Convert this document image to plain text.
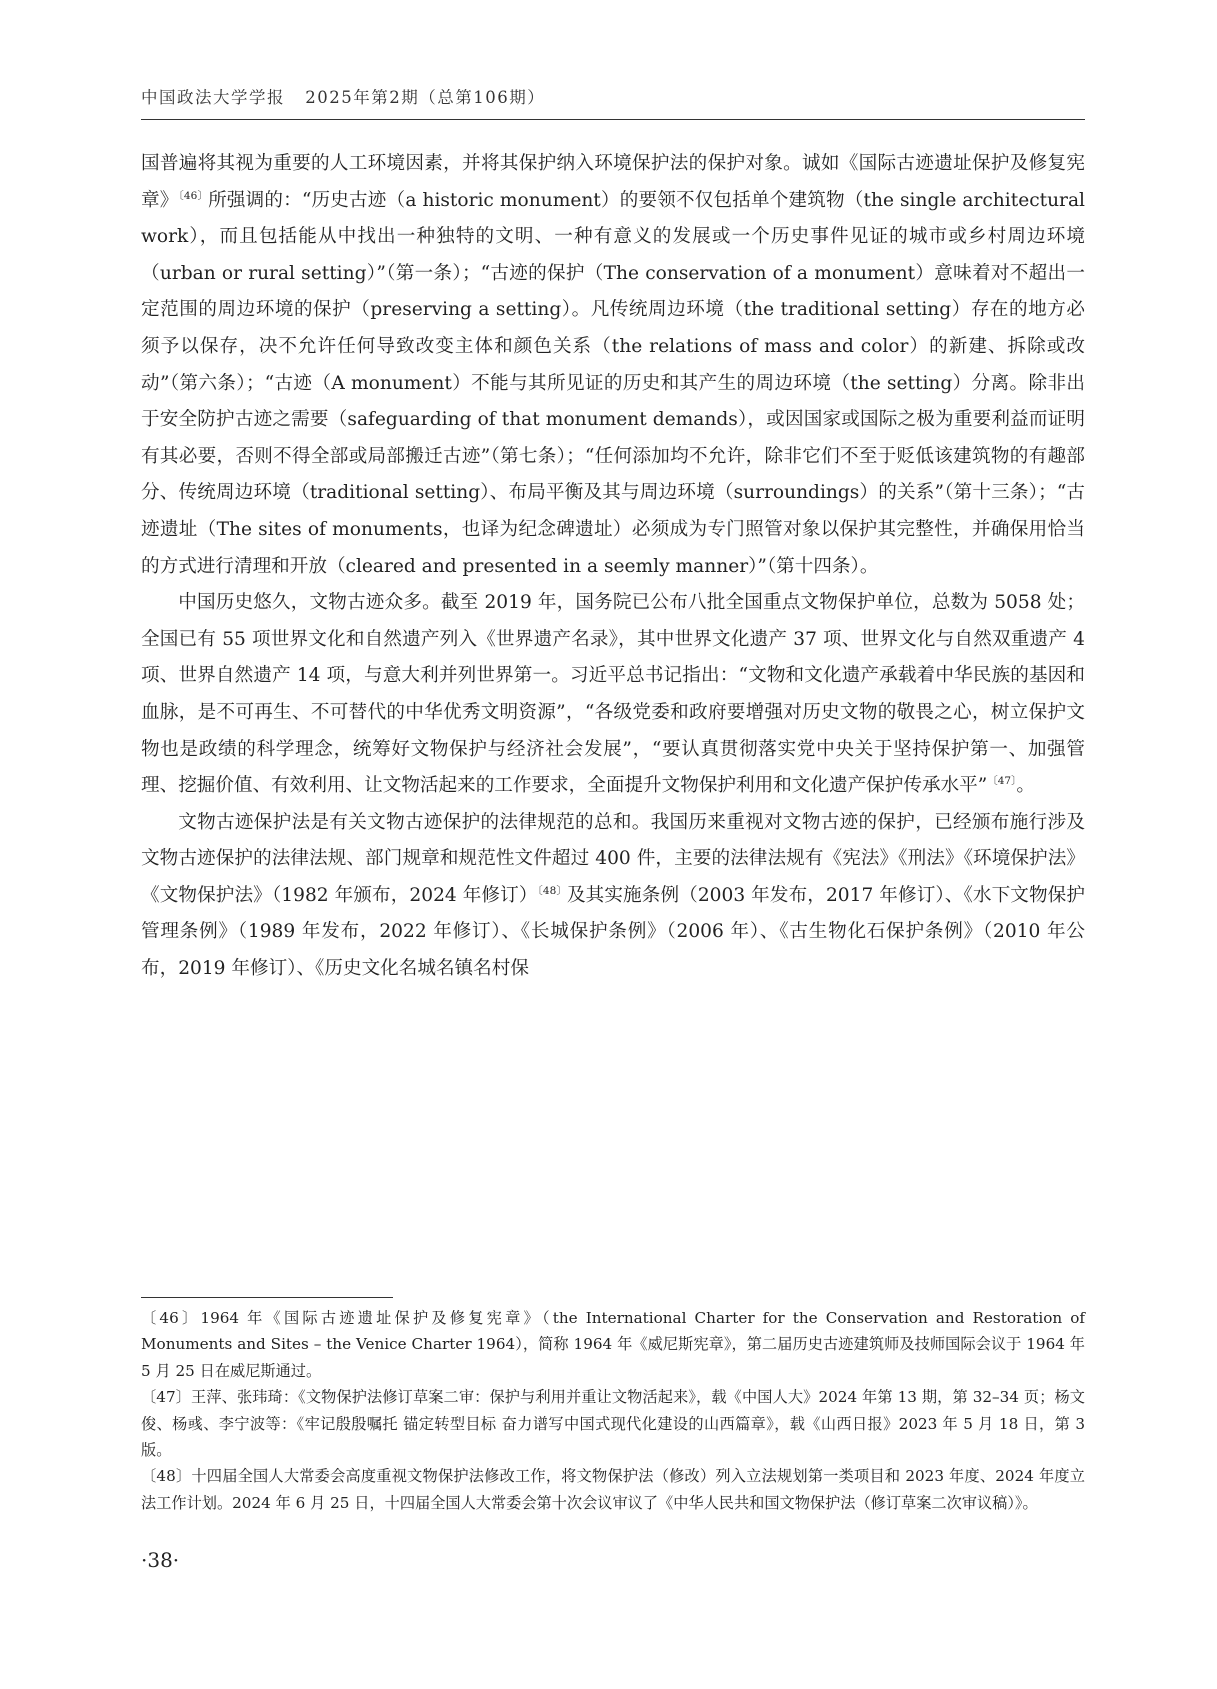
中国政法大学学报 2025年第2期（总第106期）

国普遍将其视为重要的人工环境因素，并将其保护纳入环境保护法的保护对象。诚如《国际古迹遗址保护及修复宪章》$^{〔46〕}$所强调的：“历史古迹（a historic monument）的要领不仅包括单个建筑物（the single architectural work），而且包括能从中找出一种独特的文明、一种有意义的发展或一个历史事件见证的城市或乡村周边环境（urban or rural setting）”（第一条）；“古迹的保护（The conservation of a monument）意味着对不超出一定范围的周边环境的保护（preserving a setting）。凡传统周边环境（the traditional setting）存在的地方必须予以保存，决不允许任何导致改变主体和颜色关系（the relations of mass and color）的新建、拆除或改动”（第六条）；“古迹（A monument）不能与其所见证的历史和其产生的周边环境（the setting）分离。除非出于安全防护古迹之需要（safeguarding of that monument demands），或因国家或国际之极为重要利益而证明有其必要，否则不得全部或局部搬迁古迹”（第七条）；“任何添加均不允许，除非它们不至于贬低该建筑物的有趣部分、传统周边环境（traditional setting）、布局平衡及其与周边环境（surroundings）的关系”（第十三条）；“古迹遗址（The sites of monuments，也译为纪念碑遗址）必须成为专门照管对象以保护其完整性，并确保用恰当的方式进行清理和开放（cleared and presented in a seemly manner）”（第十四条）。

中国历史悠久，文物古迹众多。截至 2019 年，国务院已公布八批全国重点文物保护单位，总数为 5058 处；全国已有 55 项世界文化和自然遗产列入《世界遗产名录》，其中世界文化遗产 37 项、世界文化与自然双重遗产 4 项、世界自然遗产 14 项，与意大利并列世界第一。习近平总书记指出：“文物和文化遗产承载着中华民族的基因和血脉，是不可再生、不可替代的中华优秀文明资源”，“各级党委和政府要增强对历史文物的敬畏之心，树立保护文物也是政绩的科学理念，统筹好文物保护与经济社会发展”，“要认真贯彻落实党中央关于坚持保护第一、加强管理、挖掘价值、有效利用、让文物活起来的工作要求，全面提升文物保护利用和文化遗产保护传承水平”$^{〔47〕}$。

文物古迹保护法是有关文物古迹保护的法律规范的总和。我国历来重视对文物古迹的保护，已经颁布施行涉及文物古迹保护的法律法规、部门规章和规范性文件超过 400 件，主要的法律法规有《宪法》《刑法》《环境保护法》《文物保护法》（1982 年颁布，2024 年修订）$^{〔48〕}$及其实施条例（2003 年发布，2017 年修订）、《水下文物保护管理条例》（1989 年发布，2022 年修订）、《长城保护条例》（2006 年）、《古生物化石保护条例》（2010 年公布，2019 年修订）、《历史文化名城名镇名村保

〔46〕1964 年《国际古迹遗址保护及修复宪章》（the International Charter for the Conservation and Restoration of Monuments and Sites – the Venice Charter 1964），简称 1964 年《威尼斯宪章》，第二届历史古迹建筑师及技师国际会议于 1964 年 5 月 25 日在威尼斯通过。

〔47〕王萍、张玮琦：《文物保护法修订草案二审：保护与利用并重让文物活起来》，载《中国人大》2024 年第 13 期，第 32–34 页；杨文俊、杨彧、李宁波等：《牢记殷殷嘱托 锚定转型目标 奋力谱写中国式现代化建设的山西篇章》，载《山西日报》2023 年 5 月 18 日，第 3 版。

〔48〕十四届全国人大常委会高度重视文物保护法修改工作，将文物保护法（修改）列入立法规划第一类项目和 2023 年度、2024 年度立法工作计划。2024 年 6 月 25 日，十四届全国人大常委会第十次会议审议了《中华人民共和国文物保护法（修订草案二次审议稿）》。

·38·
